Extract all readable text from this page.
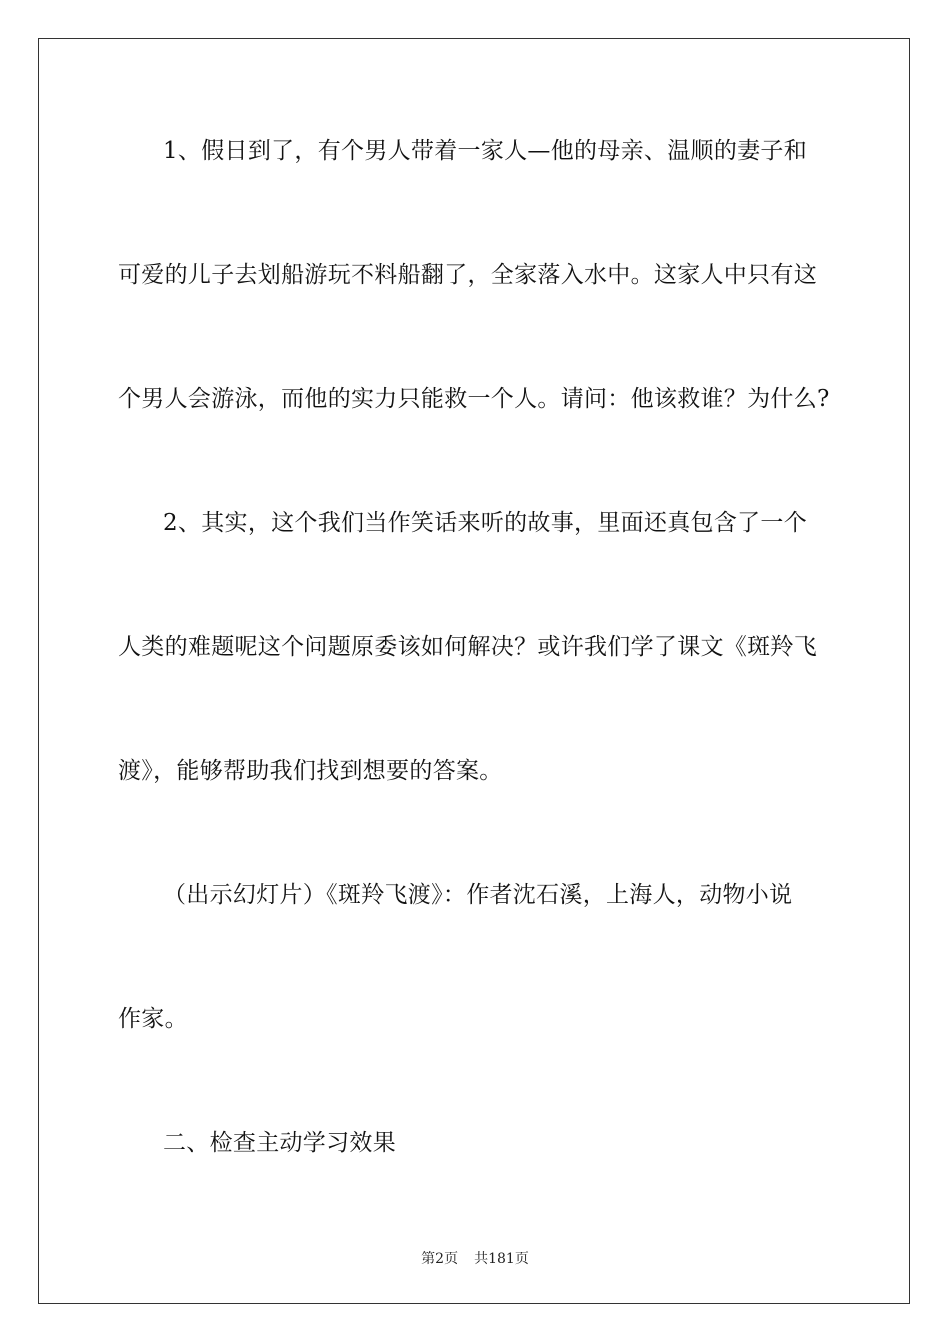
1、假日到了，有个男人带着一家人—他的母亲、温顺的妻子和
可爱的儿子去划船游玩不料船翻了，全家落入水中。这家人中只有这
个男人会游泳，而他的实力只能救一个人。请问：他该救谁？为什么?
2、其实，这个我们当作笑话来听的故事，里面还真包含了一个
人类的难题呢这个问题原委该如何解决？或许我们学了课文《斑羚飞
渡》，能够帮助我们找到想要的答案。
（出示幻灯片）《斑羚飞渡》：作者沈石溪，上海人，动物小说
作家。
二、检查主动学习效果
第2页 共181页
